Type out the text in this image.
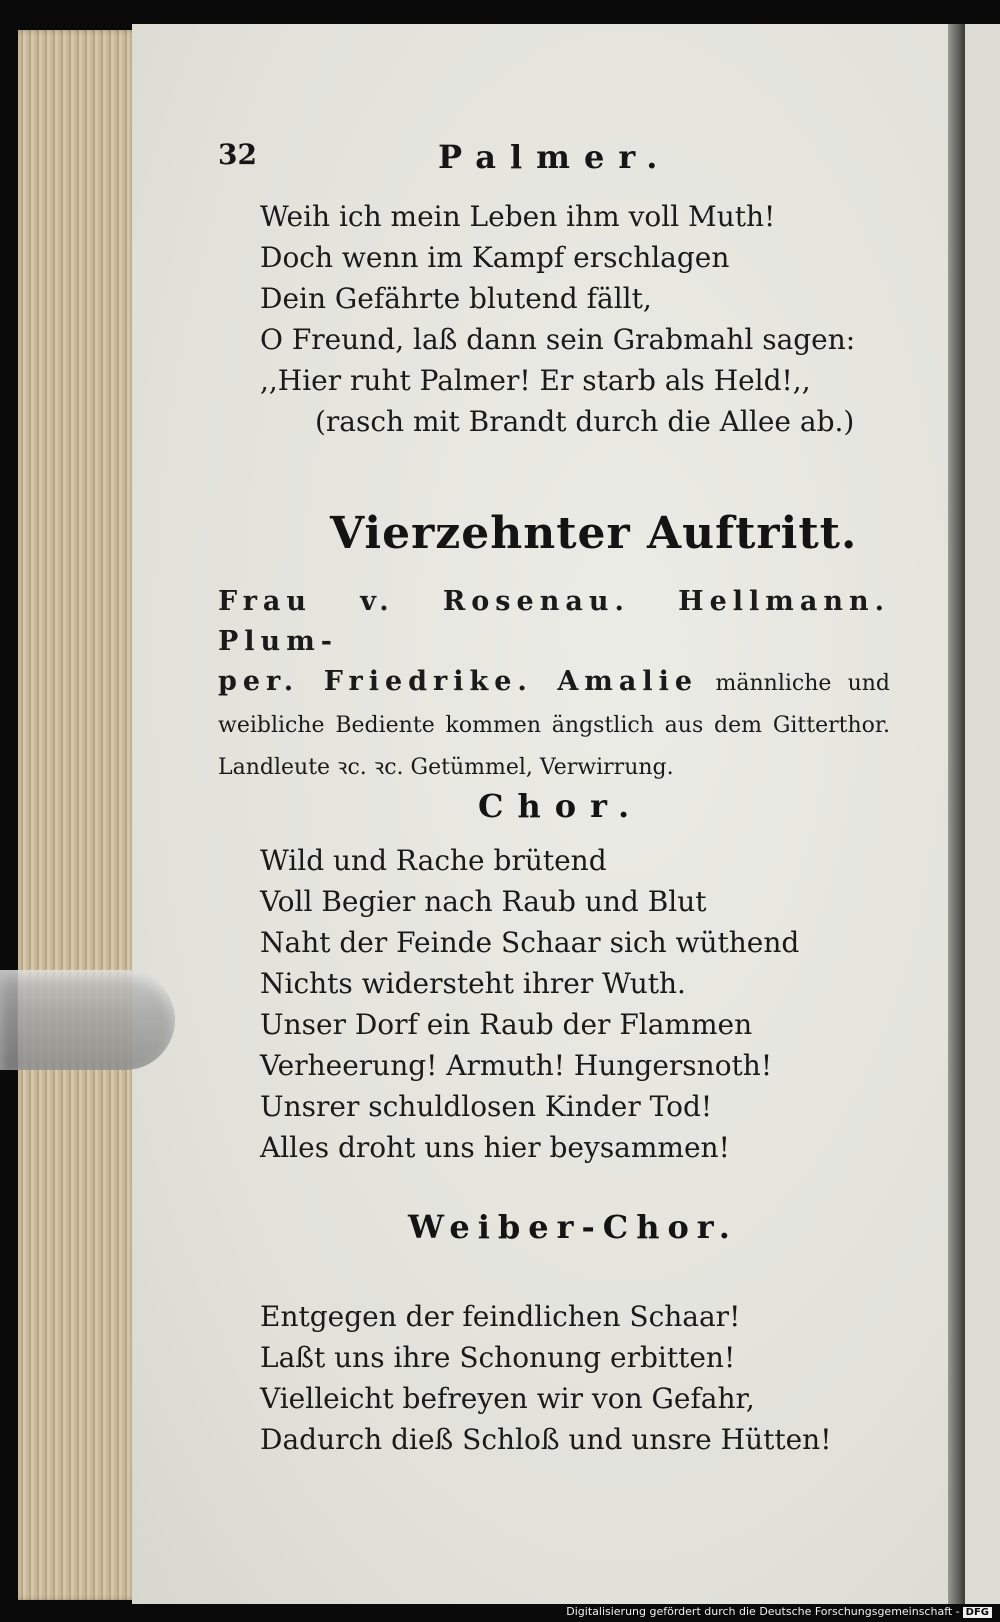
32	Palmer.
Weih ich mein Leben ihm voll Muth!
Doch wenn im Kampf erschlagen
Dein Gefährte blutend fällt,
O Freund, laß dann sein Grabmahl sagen:
,,Hier ruht Palmer! Er starb als Held!,,
(rasch mit Brandt durch die Allee ab.)
Vierzehnter Auftritt.
Frau v. Rosenau. Hellmann. Plum-
per. Friedrike. Amalie männliche und weibliche Bediente kommen ängstlich aus dem Gitterthor. Landleute ꝛc. ꝛc. Getümmel, Verwirrung.
Chor.
Wild und Rache brütend
Voll Begier nach Raub und Blut
Naht der Feinde Schaar sich wüthend
Nichts widersteht ihrer Wuth.
Unser Dorf ein Raub der Flammen
Verheerung! Armuth! Hungersnoth!
Unsrer schuldlosen Kinder Tod!
Alles droht uns hier beysammen!
Weiber-Chor.
Entgegen der feindlichen Schaar!
Laßt uns ihre Schonung erbitten!
Vielleicht befreyen wir von Gefahr,
Dadurch dieß Schloß und unsre Hütten!
Digitalisierung gefördert durch die Deutsche Forschungsgemeinschaft - DFG
